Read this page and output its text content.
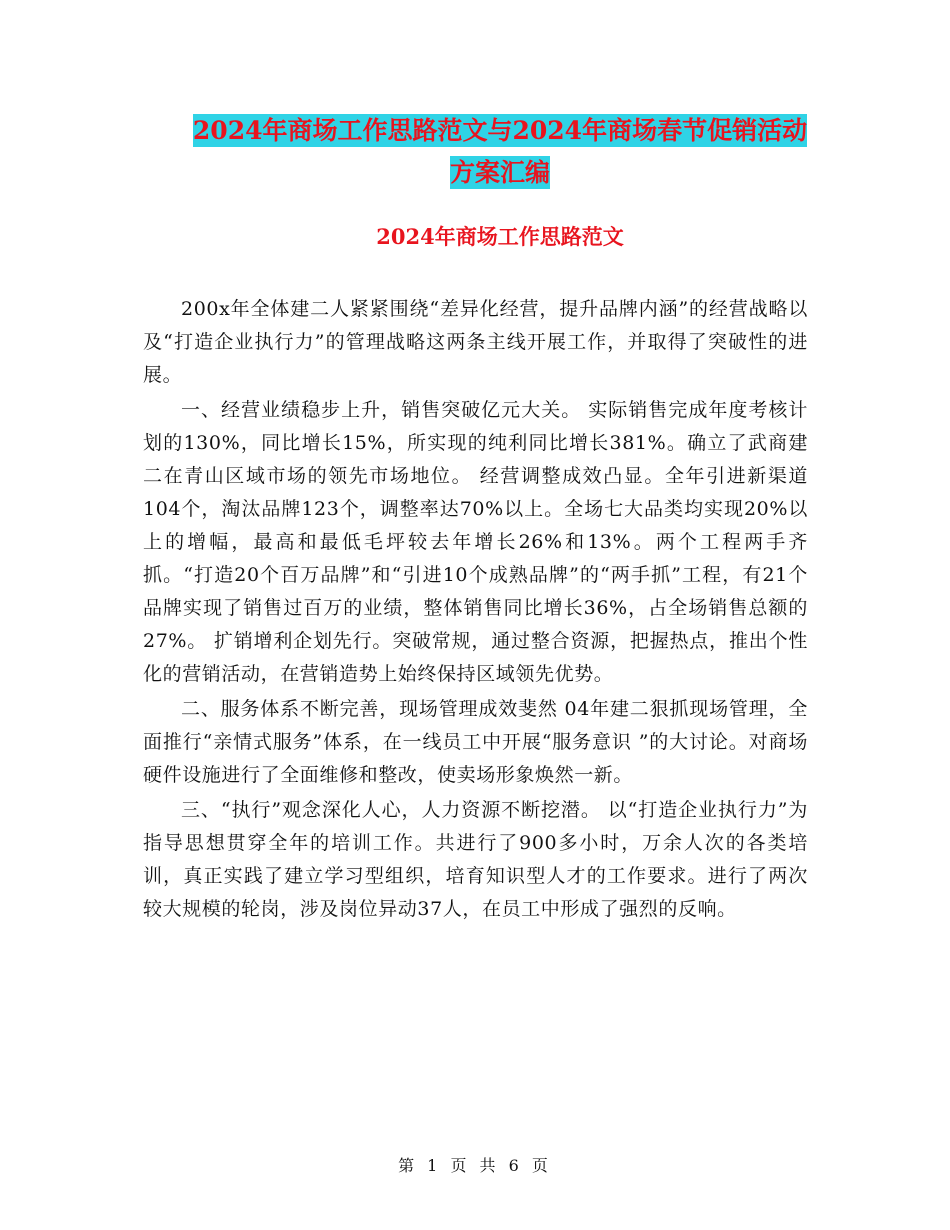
2024年商场工作思路范文与2024年商场春节促销活动
方案汇编
2024年商场工作思路范文

200x年全体建二人紧紧围绕“差异化经营，提升品牌内涵”的经营战略以及“打造企业执行力”的管理战略这两条主线开展工作，并取得了突破性的进展。

一、经营业绩稳步上升，销售突破亿元大关。 实际销售完成年度考核计划的130%，同比增长15%，所实现的纯利同比增长381%。确立了武商建二在青山区域市场的领先市场地位。 经营调整成效凸显。全年引进新渠道104个，淘汰品牌123个，调整率达70%以上。全场七大品类均实现20%以上的增幅，最高和最低毛坪较去年增长26%和13%。两个工程两手齐抓。“打造20个百万品牌”和“引进10个成熟品牌”的“两手抓”工程，有21个品牌实现了销售过百万的业绩，整体销售同比增长36%，占全场销售总额的27%。 扩销增利企划先行。突破常规，通过整合资源，把握热点，推出个性化的营销活动，在营销造势上始终保持区域领先优势。

二、服务体系不断完善，现场管理成效斐然 04年建二狠抓现场管理，全面推行“亲情式服务”体系，在一线员工中开展“服务意识 ”的大讨论。对商场硬件设施进行了全面维修和整改，使卖场形象焕然一新。

三、“执行”观念深化人心，人力资源不断挖潜。 以“打造企业执行力”为指导思想贯穿全年的培训工作。共进行了900多小时，万余人次的各类培训，真正实践了建立学习型组织，培育知识型人才的工作要求。进行了两次较大规模的轮岗，涉及岗位异动37人，在员工中形成了强烈的反响。

第 1 页 共 6 页
